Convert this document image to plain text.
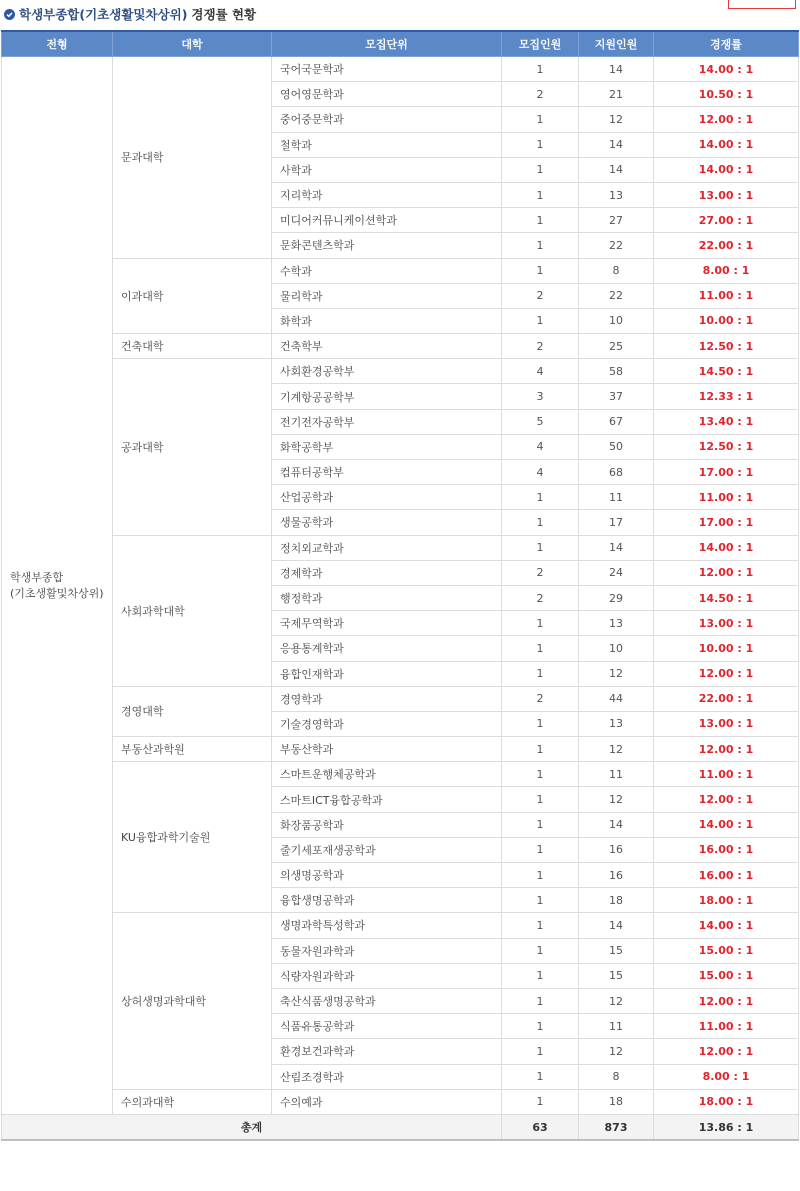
학생부종합(기초생활및차상위) 경쟁률 현황
전형	대학	모집단위	모집인원	지원인원	경쟁률

학생부종합
(기초생활및차상위)	문과대학	국어국문학과	1	14	14.00 : 1
		영어영문학과	2	21	10.50 : 1
		중어중문학과	1	12	12.00 : 1
		철학과	1	14	14.00 : 1
		사학과	1	14	14.00 : 1
		지리학과	1	13	13.00 : 1
		미디어커뮤니케이션학과	1	27	27.00 : 1
		문화콘텐츠학과	1	22	22.00 : 1
	이과대학	수학과	1	8	8.00 : 1
		물리학과	2	22	11.00 : 1
		화학과	1	10	10.00 : 1
	건축대학	건축학부	2	25	12.50 : 1
	공과대학	사회환경공학부	4	58	14.50 : 1
		기계항공공학부	3	37	12.33 : 1
		전기전자공학부	5	67	13.40 : 1
		화학공학부	4	50	12.50 : 1
		컴퓨터공학부	4	68	17.00 : 1
		산업공학과	1	11	11.00 : 1
		생물공학과	1	17	17.00 : 1
	사회과학대학	정치외교학과	1	14	14.00 : 1
		경제학과	2	24	12.00 : 1
		행정학과	2	29	14.50 : 1
		국제무역학과	1	13	13.00 : 1
		응용통계학과	1	10	10.00 : 1
		융합인재학과	1	12	12.00 : 1
	경영대학	경영학과	2	44	22.00 : 1
		기술경영학과	1	13	13.00 : 1
	부동산과학원	부동산학과	1	12	12.00 : 1
	KU융합과학기술원	스마트운행체공학과	1	11	11.00 : 1
		스마트ICT융합공학과	1	12	12.00 : 1
		화장품공학과	1	14	14.00 : 1
		줄기세포재생공학과	1	16	16.00 : 1
		의생명공학과	1	16	16.00 : 1
		융합생명공학과	1	18	18.00 : 1
	상허생명과학대학	생명과학특성학과	1	14	14.00 : 1
		동물자원과학과	1	15	15.00 : 1
		식량자원과학과	1	15	15.00 : 1
		축산식품생명공학과	1	12	12.00 : 1
		식품유통공학과	1	11	11.00 : 1
		환경보건과학과	1	12	12.00 : 1
		산림조경학과	1	8	8.00 : 1
	수의과대학	수의예과	1	18	18.00 : 1
총계			63	873	13.86 : 1
